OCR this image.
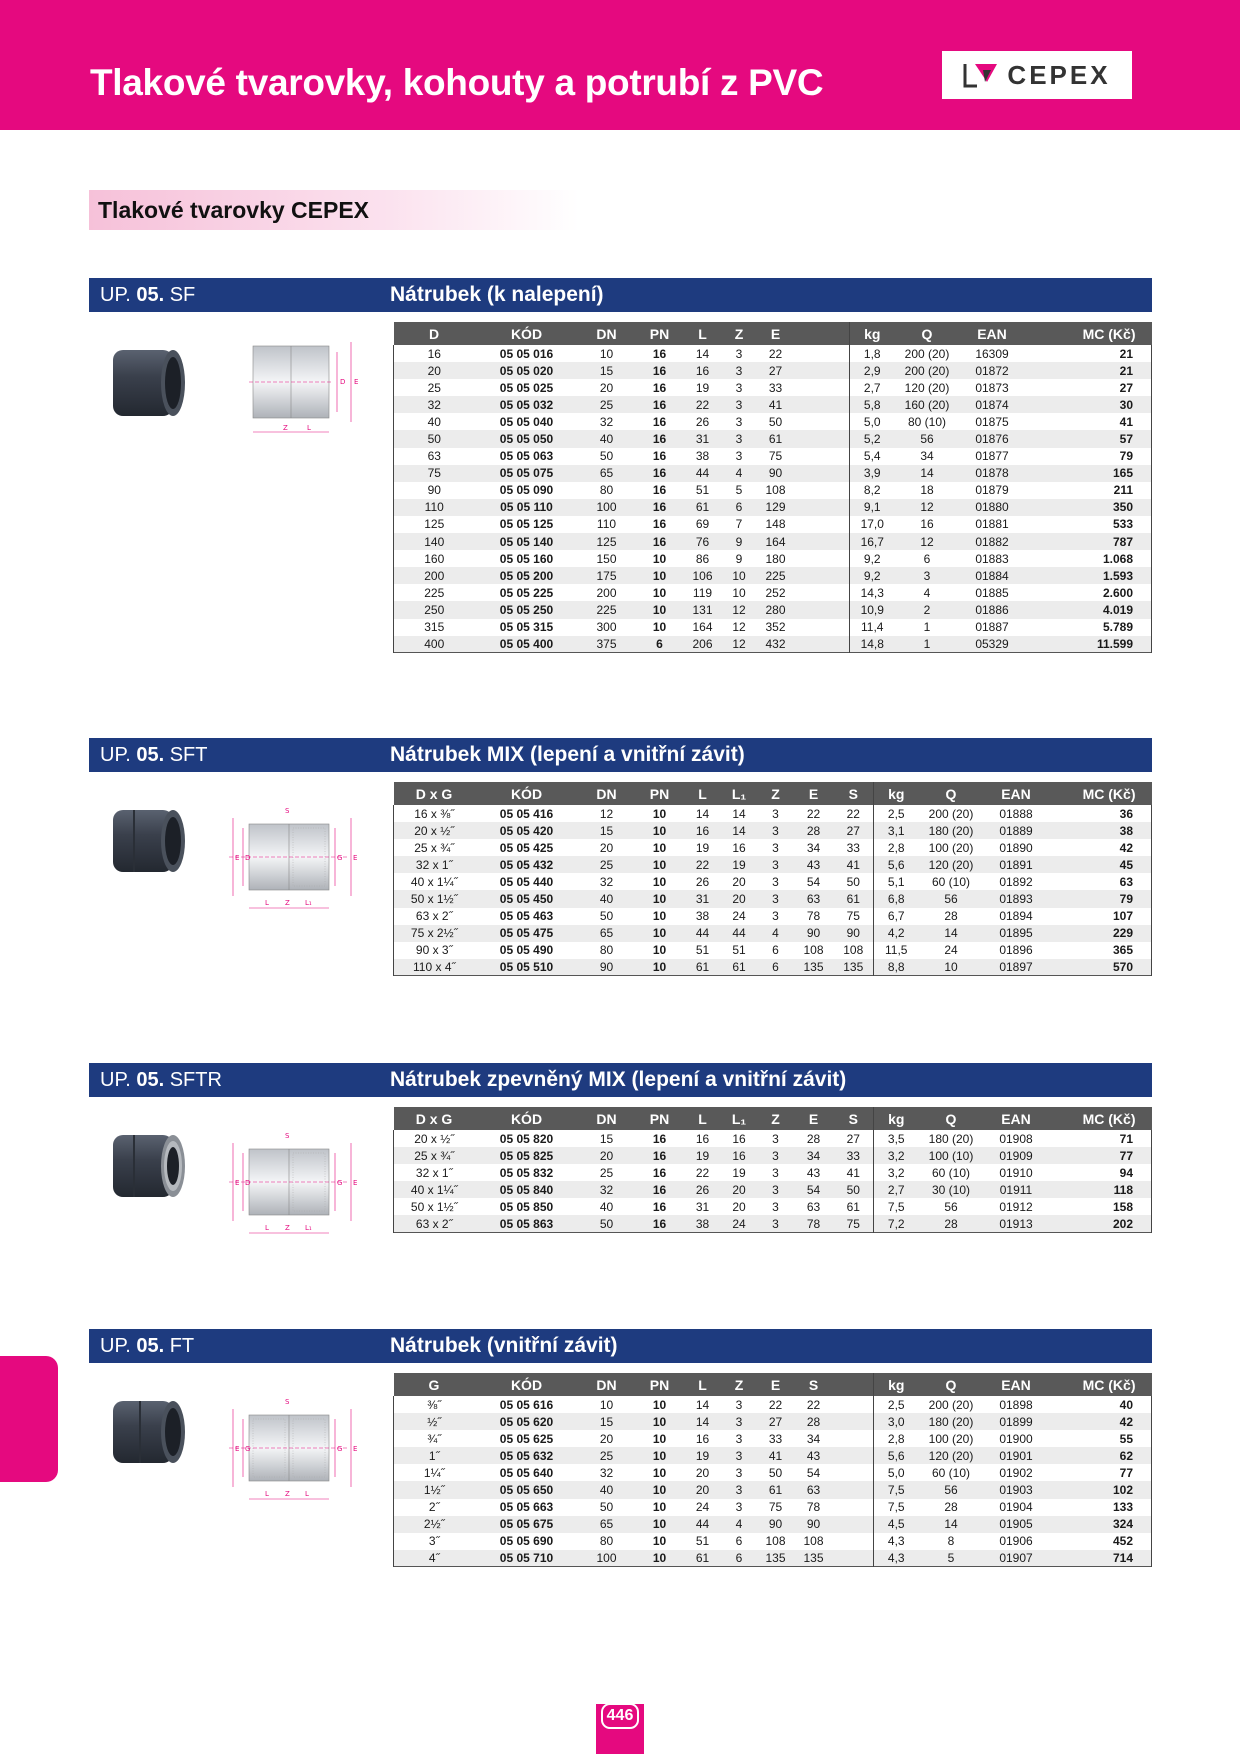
Tlakové tvarovky, kohouty a potrubí z PVC	CEPEX
Tlakové tvarovky CEPEX
UP. 05. SF	Nátrubek (k nalepení)
D E
Z	L
D	KÓD	DN	PN	L	Z	E		kg	Q	EAN	MC (Kč)
16	05 05 016	10	16	14	3	22		1,8	200 (20)	16309	21
20	05 05 020	15	16	16	3	27		2,9	200 (20)	01872	21
25	05 05 025	20	16	19	3	33		2,7	120 (20)	01873	27
32	05 05 032	25	16	22	3	41		5,8	160 (20)	01874	30
40	05 05 040	32	16	26	3	50		5,0	80 (10)	01875	41
50	05 05 050	40	16	31	3	61		5,2	56	01876	57
63	05 05 063	50	16	38	3	75		5,4	34	01877	79
75	05 05 075	65	16	44	4	90		3,9	14	01878	165
90	05 05 090	80	16	51	5	108		8,2	18	01879	211
110	05 05 110	100	16	61	6	129		9,1	12	01880	350
125	05 05 125	110	16	69	7	148		17,0	16	01881	533
140	05 05 140	125	16	76	9	164		16,7	12	01882	787
160	05 05 160	150	10	86	9	180		9,2	6	01883	1.068
200	05 05 200	175	10	106	10	225		9,2	3	01884	1.593
225	05 05 225	200	10	119	10	252		14,3	4	01885	2.600
250	05 05 250	225	10	131	12	280		10,9	2	01886	4.019
315	05 05 315	300	10	164	12	352		11,4	1	01887	5.789
400	05 05 400	375	6	206	12	432		14,8	1	05329	11.599
UP. 05. SFT	Nátrubek MIX (lepení a vnitřní závit)
E D	G E
S
L Z L₁
D x G	KÓD	DN	PN	L	L₁	Z	E	S	kg	Q	EAN	MC (Kč)
16 x ⅜˝	05 05 416	12	10	14	14	3	22	22	2,5	200 (20)	01888	36
20 x ½˝	05 05 420	15	10	16	14	3	28	27	3,1	180 (20)	01889	38
25 x ¾˝	05 05 425	20	10	19	16	3	34	33	2,8	100 (20)	01890	42
32 x 1˝	05 05 432	25	10	22	19	3	43	41	5,6	120 (20)	01891	45
40 x 1¼˝	05 05 440	32	10	26	20	3	54	50	5,1	60 (10)	01892	63
50 x 1½˝	05 05 450	40	10	31	20	3	63	61	6,8	56	01893	79
63 x 2˝	05 05 463	50	10	38	24	3	78	75	6,7	28	01894	107
75 x 2½˝	05 05 475	65	10	44	44	4	90	90	4,2	14	01895	229
90 x 3˝	05 05 490	80	10	51	51	6	108	108	11,5	24	01896	365
110 x 4˝	05 05 510	90	10	61	61	6	135	135	8,8	10	01897	570
UP. 05. SFTR	Nátrubek zpevněný MIX (lepení a vnitřní závit)
E D	G E
S
L Z L₁
D x G	KÓD	DN	PN	L	L₁	Z	E	S	kg	Q	EAN	MC (Kč)
20 x ½˝	05 05 820	15	16	16	16	3	28	27	3,5	180 (20)	01908	71
25 x ¾˝	05 05 825	20	16	19	16	3	34	33	3,2	100 (10)	01909	77
32 x 1˝	05 05 832	25	16	22	19	3	43	41	3,2	60 (10)	01910	94
40 x 1¼˝	05 05 840	32	16	26	20	3	54	50	2,7	30 (10)	01911	118
50 x 1½˝	05 05 850	40	16	31	20	3	63	61	7,5	56	01912	158
63 x 2˝	05 05 863	50	16	38	24	3	78	75	7,2	28	01913	202
UP. 05. FT	Nátrubek (vnitřní závit)
E G	G E
S
L Z L
G	KÓD	DN	PN	L	Z	E	S		kg	Q	EAN	MC (Kč)
⅜˝	05 05 616	10	10	14	3	22	22		2,5	200 (20)	01898	40
½˝	05 05 620	15	10	14	3	27	28		3,0	180 (20)	01899	42
¾˝	05 05 625	20	10	16	3	33	34		2,8	100 (20)	01900	55
1˝	05 05 632	25	10	19	3	41	43		5,6	120 (20)	01901	62
1¼˝	05 05 640	32	10	20	3	50	54		5,0	60 (10)	01902	77
1½˝	05 05 650	40	10	20	3	61	63		7,5	56	01903	102
2˝	05 05 663	50	10	24	3	75	78		7,5	28	01904	133
2½˝	05 05 675	65	10	44	4	90	90		4,5	14	01905	324
3˝	05 05 690	80	10	51	6	108	108		4,3	8	01906	452
4˝	05 05 710	100	10	61	6	135	135		4,3	5	01907	714
446
